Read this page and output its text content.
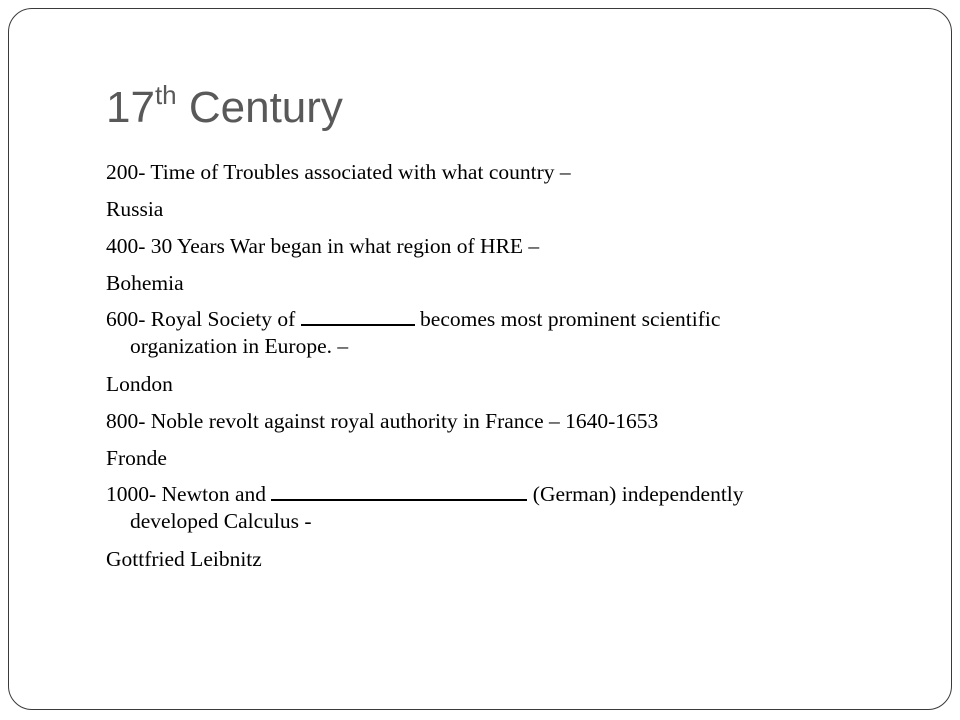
17th Century

200- Time of Troubles associated with what country –

Russia

400- 30 Years War began in what region of HRE –

Bohemia

600- Royal Society of	becomes most prominent scientific
organization in Europe. –

London

800- Noble revolt against royal authority in France – 1640-1653

Fronde

1000- Newton and	(German) independently
developed Calculus -

Gottfried Leibnitz
